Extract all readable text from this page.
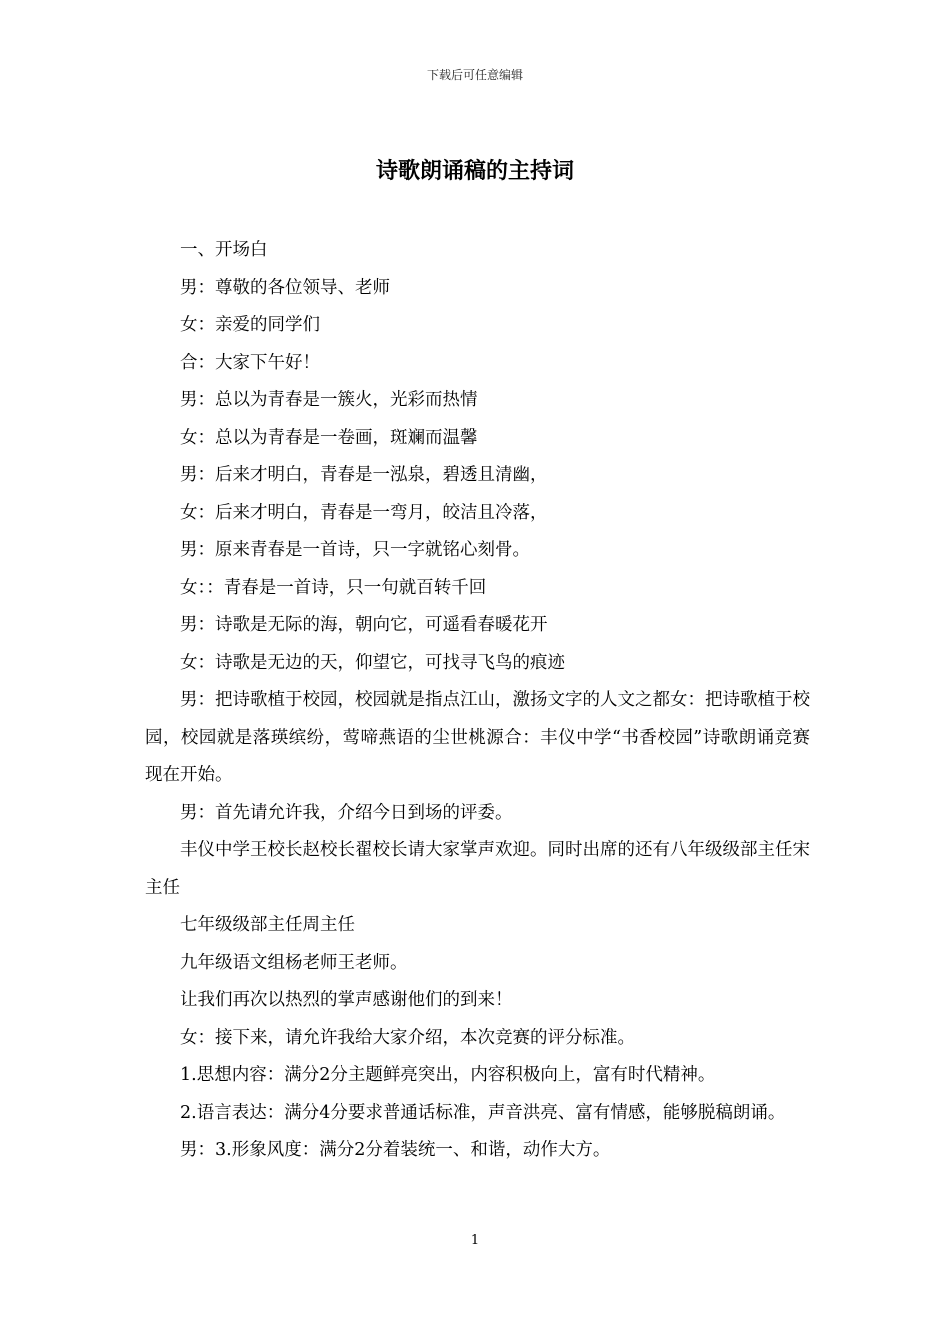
下载后可任意编辑
诗歌朗诵稿的主持词

一、开场白

男：尊敬的各位领导、老师

女：亲爱的同学们

合：大家下午好！

男：总以为青春是一簇火，光彩而热情

女：总以为青春是一卷画，斑斓而温馨

男：后来才明白，青春是一泓泉，碧透且清幽，

女：后来才明白，青春是一弯月，皎洁且冷落，

男：原来青春是一首诗，只一字就铭心刻骨。

女：：青春是一首诗，只一句就百转千回

男：诗歌是无际的海，朝向它，可遥看春暖花开

女：诗歌是无边的天，仰望它，可找寻飞鸟的痕迹

男：把诗歌植于校园，校园就是指点江山，激扬文字的人文之都女：把诗歌植于校园，校园就是落瑛缤纷，莺啼燕语的尘世桃源合：丰仪中学“书香校园”诗歌朗诵竞赛现在开始。

男：首先请允许我，介绍今日到场的评委。

丰仪中学王校长赵校长翟校长请大家掌声欢迎。同时出席的还有八年级级部主任宋主任

七年级级部主任周主任

九年级语文组杨老师王老师。

让我们再次以热烈的掌声感谢他们的到来！

女：接下来，请允许我给大家介绍，本次竞赛的评分标准。

1.思想内容：满分2分主题鲜亮突出，内容积极向上，富有时代精神。

2.语言表达：满分4分要求普通话标准，声音洪亮、富有情感，能够脱稿朗诵。

男：3.形象风度：满分2分着装统一、和谐，动作大方。

1
